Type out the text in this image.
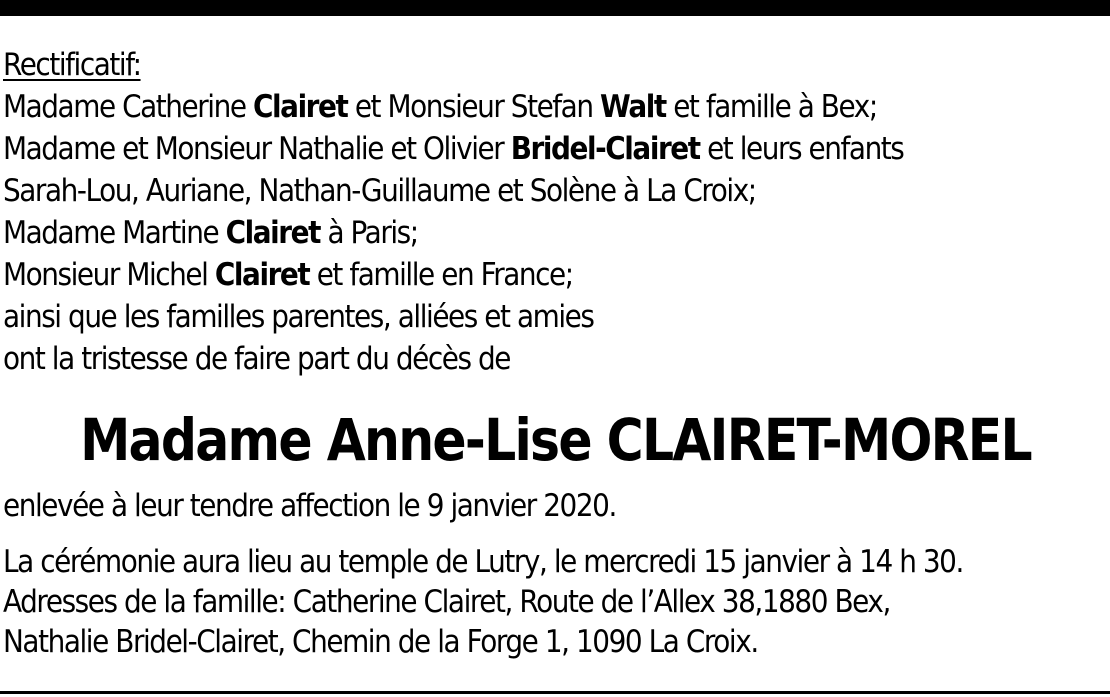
Rectificatif:
Madame Catherine Clairet et Monsieur Stefan Walt et famille à Bex;
Madame et Monsieur Nathalie et Olivier Bridel-Clairet et leurs enfants
Sarah-Lou, Auriane, Nathan-Guillaume et Solène à La Croix;
Madame Martine Clairet à Paris;
Monsieur Michel Clairet et famille en France;
ainsi que les familles parentes, alliées et amies
ont la tristesse de faire part du décès de
Madame Anne-Lise CLAIRET-MOREL
enlevée à leur tendre affection le 9 janvier 2020.
La cérémonie aura lieu au temple de Lutry, le mercredi 15 janvier à 14 h 30.
Adresses de la famille: Catherine Clairet, Route de l’Allex 38,1880 Bex,
Nathalie Bridel-Clairet, Chemin de la Forge 1, 1090 La Croix.
